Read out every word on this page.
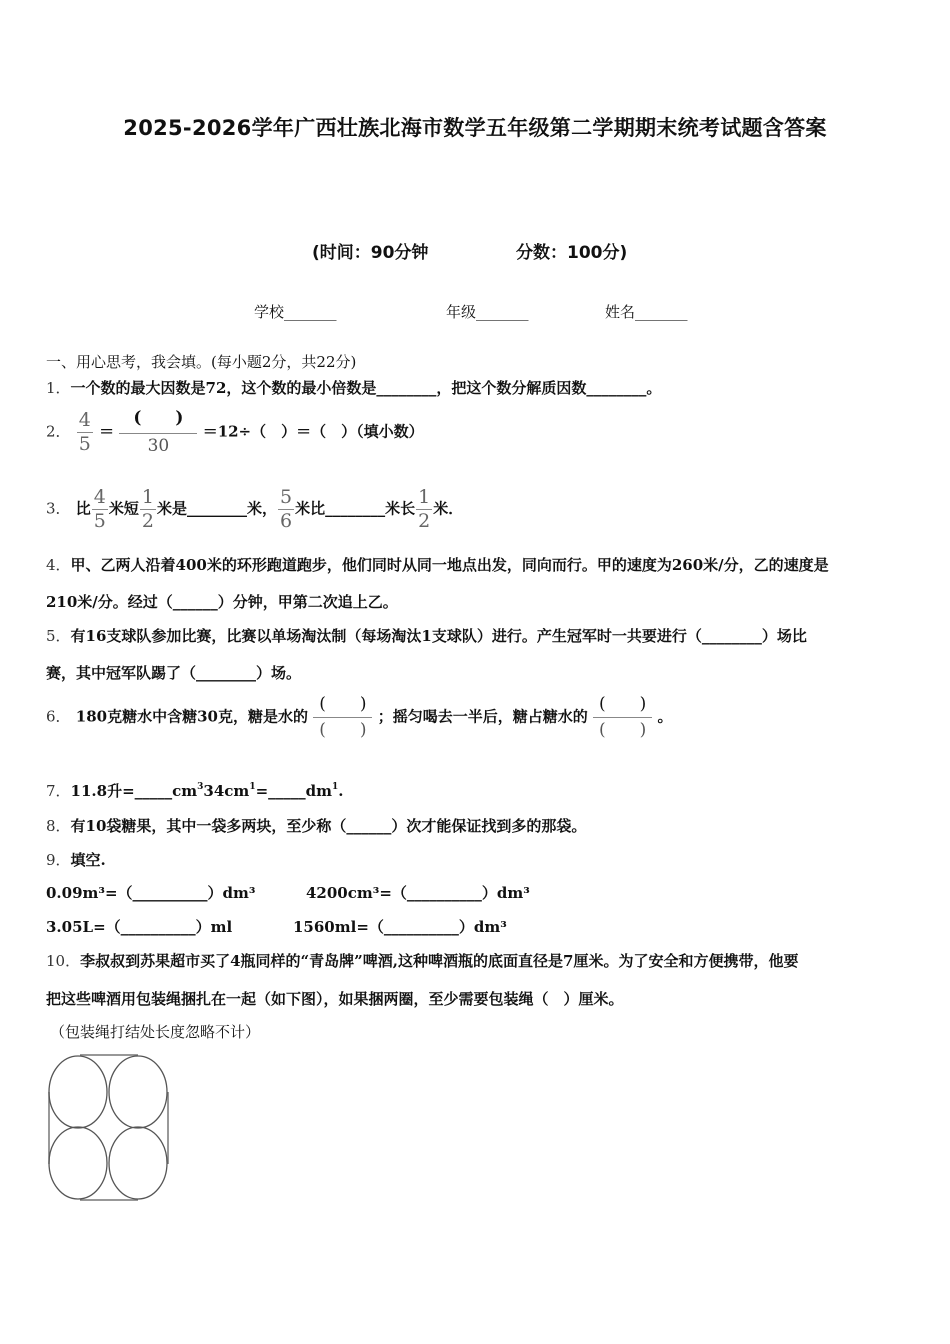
2025-2026学年广西壮族北海市数学五年级第二学期期末统考试题含答案
(时间：90分钟	分数：100分)
学校_______	年级_______	姓名_______
一、用心思考，我会填。(每小题2分，共22分)
1．一个数的最大因数是72，这个数的最小倍数是________，把这个数分解质因数________。
2． $\frac{4}{5} = \frac{( )}{30} =12\div$（　）＝（　）（填小数）
3． 比 $\frac{4}{5}$ 米短 $\frac{1}{2}$ 米是________米， $\frac{5}{6}$ 米比________米长 $\frac{1}{2}$ 米．
4．甲、乙两人沿着400米的环形跑道跑步，他们同时从同一地点出发，同向而行。甲的速度为260米/分，乙的速度是
210米/分。经过（______）分钟，甲第二次追上乙。
5．有16支球队参加比赛，比赛以单场淘汰制（每场淘汰1支球队）进行。产生冠军时一共要进行（________）场比
赛，其中冠军队踢了（________）场。
6． 180克糖水中含糖30克，糖是水的 $\frac{( )}{( )}$ ；摇匀喝去一半后，糖占糖水的 $\frac{( )}{( )}$ 。
7．11.8升$=\_\_\_\_\_cm^334cm^1=\_\_\_\_\_dm^1$.
8．有10袋糖果，其中一袋多两块，至少称（______）次才能保证找到多的那袋。
9．填空.
0.09m³=（__________）dm³	4200cm³=（__________）dm³
3.05L=（__________）ml	1560ml=（__________）dm³
10．李叔叔到苏果超市买了4瓶同样的“青岛牌”啤酒,这种啤酒瓶的底面直径是7厘米。为了安全和方便携带，他要
把这些啤酒用包装绳捆扎在一起（如下图），如果捆两圈，至少需要包装绳（　）厘米。
（包装绳打结处长度忽略不计）
